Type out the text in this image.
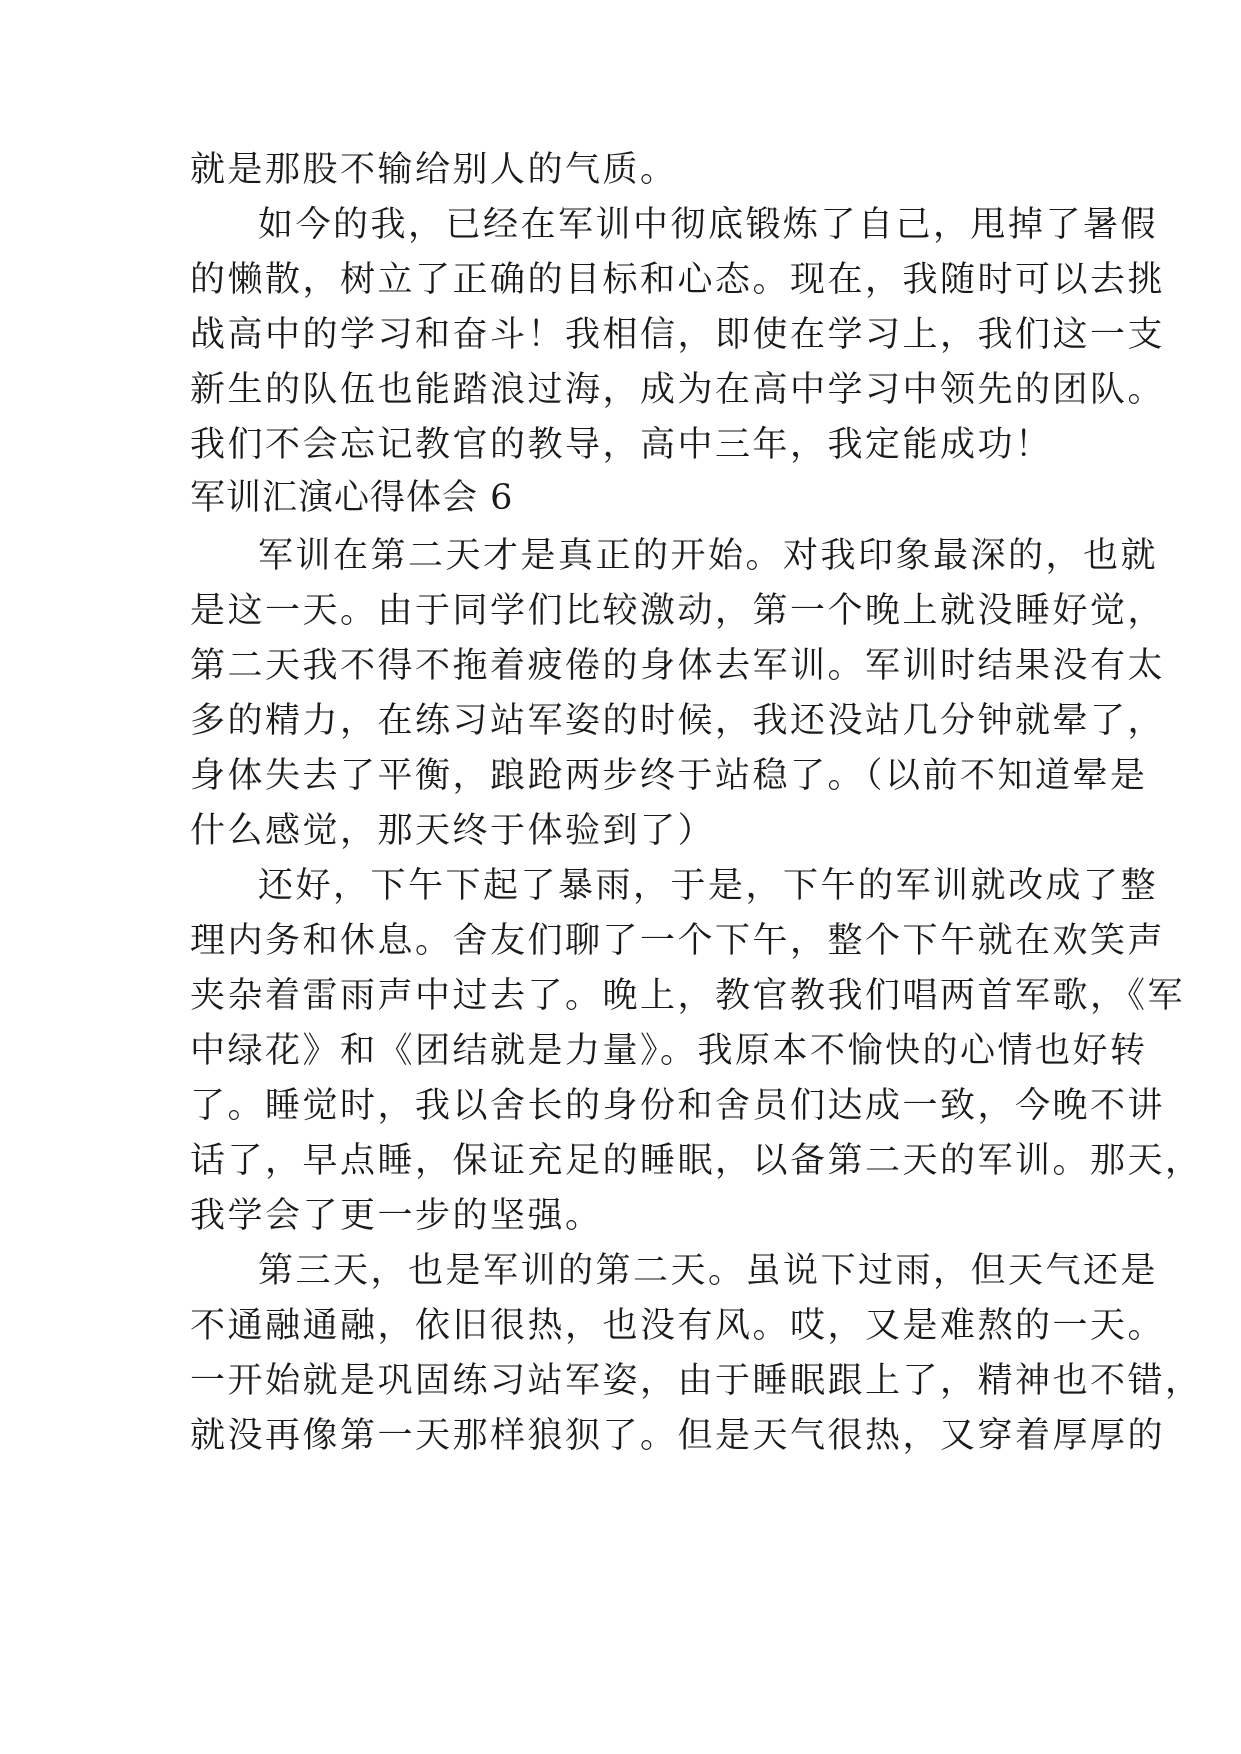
就是那股不输给别人的气质。
如今的我，已经在军训中彻底锻炼了自己，甩掉了暑假
的懒散，树立了正确的目标和心态。现在，我随时可以去挑
战高中的学习和奋斗！我相信，即使在学习上，我们这一支
新生的队伍也能踏浪过海，成为在高中学习中领先的团队。
我们不会忘记教官的教导，高中三年，我定能成功！
军训汇演心得体会 6
军训在第二天才是真正的开始。对我印象最深的，也就
是这一天。由于同学们比较激动，第一个晚上就没睡好觉，
第二天我不得不拖着疲倦的身体去军训。军训时结果没有太
多的精力，在练习站军姿的时候，我还没站几分钟就晕了，
身体失去了平衡，踉跄两步终于站稳了。（以前不知道晕是
什么感觉，那天终于体验到了）
还好，下午下起了暴雨，于是，下午的军训就改成了整
理内务和休息。舍友们聊了一个下午，整个下午就在欢笑声
夹杂着雷雨声中过去了。晚上，教官教我们唱两首军歌，《军
中绿花》和《团结就是力量》。我原本不愉快的心情也好转
了。睡觉时，我以舍长的身份和舍员们达成一致，今晚不讲
话了，早点睡，保证充足的睡眠，以备第二天的军训。那天，
我学会了更一步的坚强。
第三天，也是军训的第二天。虽说下过雨，但天气还是
不通融通融，依旧很热，也没有风。哎，又是难熬的一天。
一开始就是巩固练习站军姿，由于睡眠跟上了，精神也不错，
就没再像第一天那样狼狈了。但是天气很热，又穿着厚厚的
